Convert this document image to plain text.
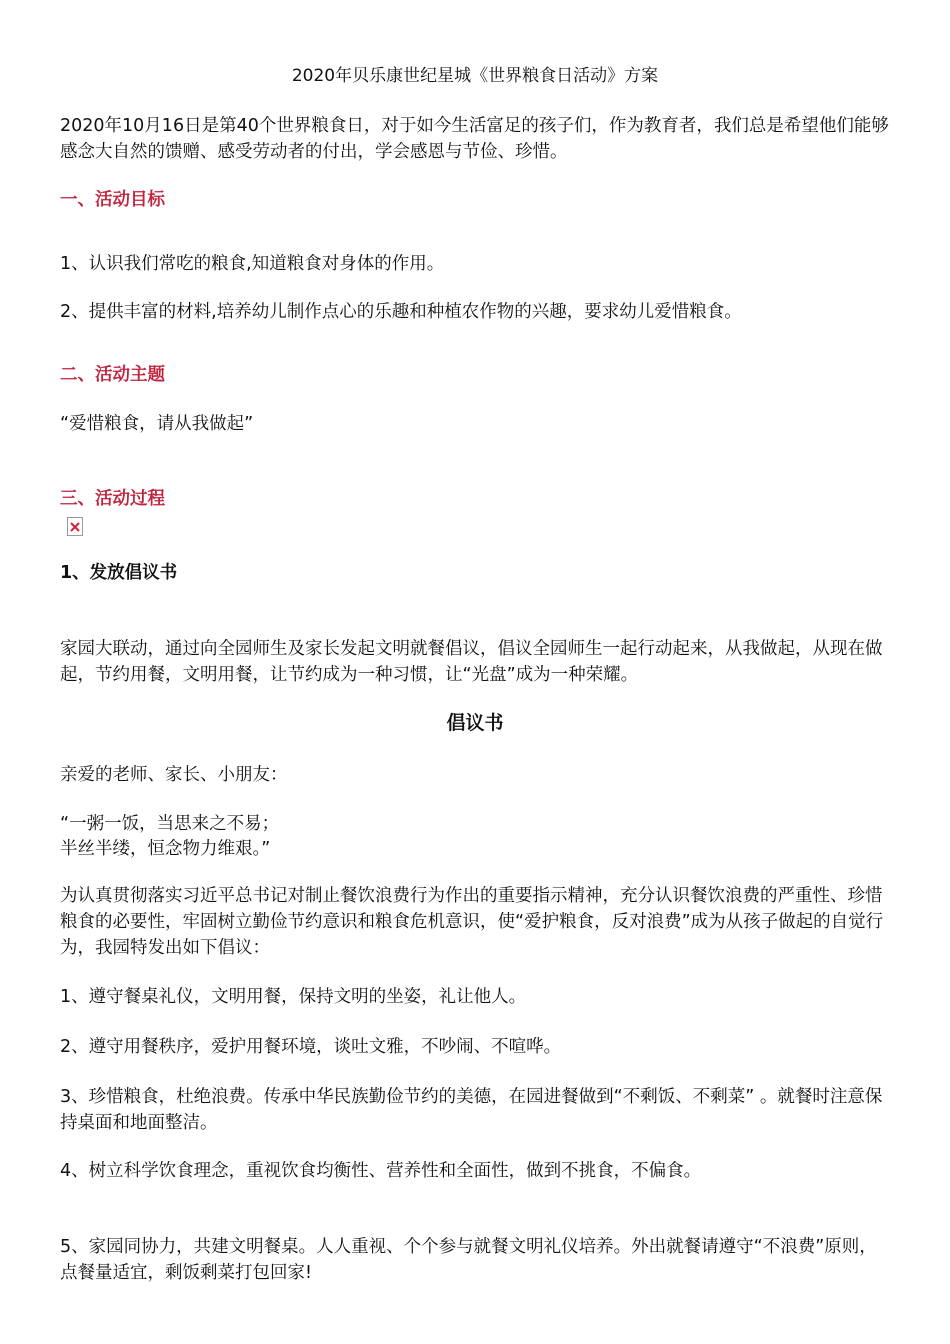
2020年贝乐康世纪星城《世界粮食日活动》方案
2020年10月16日是第40个世界粮食日，对于如今生活富足的孩子们，作为教育者，我们总是希望他们能够感念大自然的馈赠、感受劳动者的付出，学会感恩与节俭、珍惜。
一、活动目标
1、认识我们常吃的粮食,知道粮食对身体的作用。
2、提供丰富的材料,培养幼儿制作点心的乐趣和种植农作物的兴趣，要求幼儿爱惜粮食。
二、活动主题
“爱惜粮食，请从我做起”
三、活动过程
1、发放倡议书
家园大联动，通过向全园师生及家长发起文明就餐倡议，倡议全园师生一起行动起来，从我做起，从现在做起，节约用餐，文明用餐，让节约成为一种习惯，让“光盘”成为一种荣耀。
倡议书
亲爱的老师、家长、小朋友：
“一粥一饭，当思来之不易；
半丝半缕，恒念物力维艰。”
为认真贯彻落实习近平总书记对制止餐饮浪费行为作出的重要指示精神，充分认识餐饮浪费的严重性、珍惜粮食的必要性，牢固树立勤俭节约意识和粮食危机意识，使“爱护粮食，反对浪费”成为从孩子做起的自觉行为，我园特发出如下倡议：
1、遵守餐桌礼仪，文明用餐，保持文明的坐姿，礼让他人。
2、遵守用餐秩序，爱护用餐环境，谈吐文雅，不吵闹、不喧哗。
3、珍惜粮食，杜绝浪费。传承中华民族勤俭节约的美德，在园进餐做到“不剩饭、不剩菜” 。就餐时注意保持桌面和地面整洁。
4、树立科学饮食理念，重视饮食均衡性、营养性和全面性，做到不挑食，不偏食。
5、家园同协力，共建文明餐桌。人人重视、个个参与就餐文明礼仪培养。外出就餐请遵守“不浪费”原则，点餐量适宜，剩饭剩菜打包回家!
